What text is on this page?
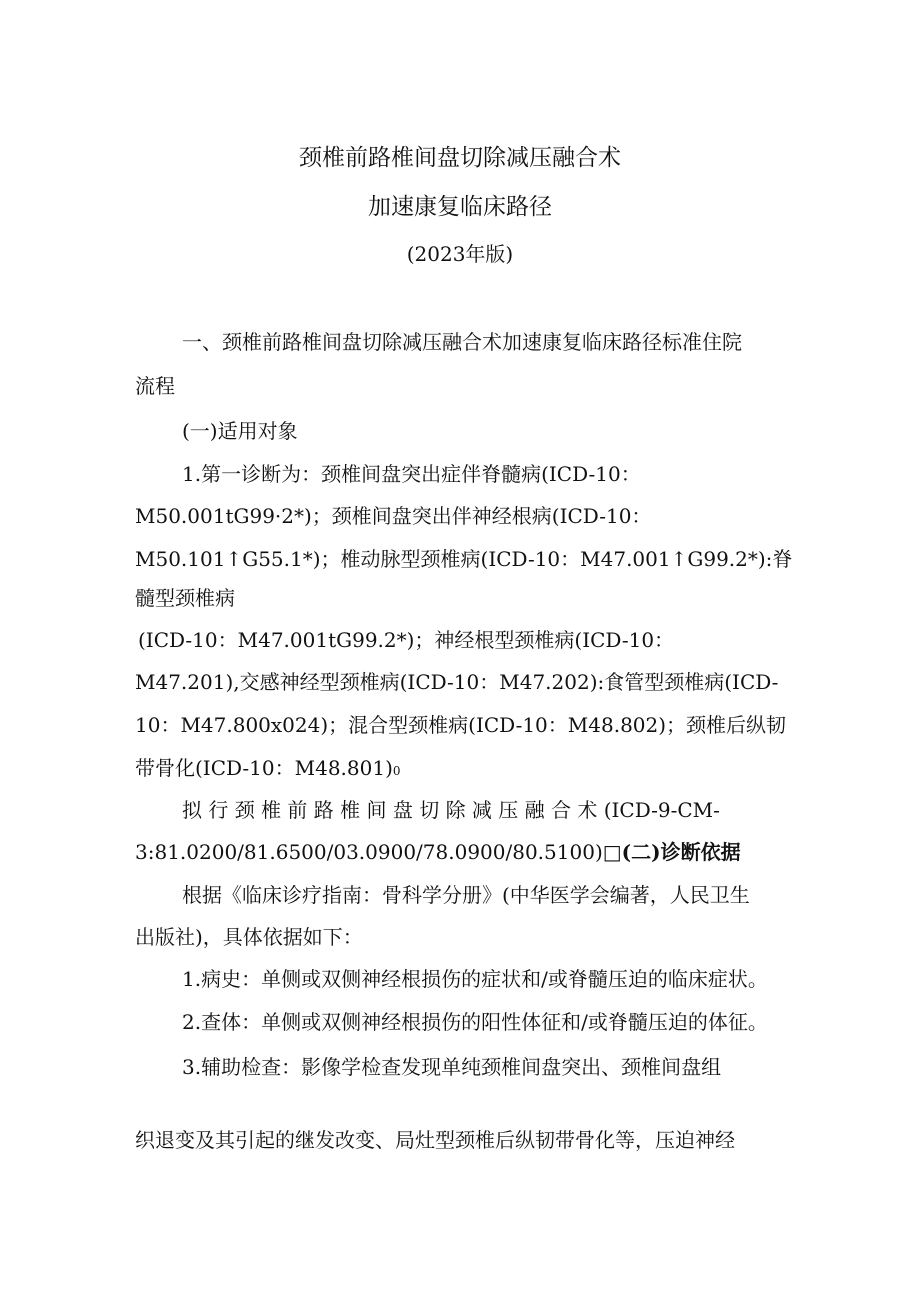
颈椎前路椎间盘切除减压融合术
加速康复临床路径
(2023年版)
一、颈椎前路椎间盘切除减压融合术加速康复临床路径标准住院
流程
(一)适用对象
1.第一诊断为：颈椎间盘突出症伴脊髓病(ICD-10：
M50.001tG99·2*)；颈椎间盘突出伴神经根病(ICD-10：
M50.101↑G55.1*)；椎动脉型颈椎病(ICD-10：M47.001↑G99.2*):脊
髓型颈椎病
(ICD-10：M47.001tG99.2*)；神经根型颈椎病(ICD-10：
M47.201),交感神经型颈椎病(ICD-10：M47.202):食管型颈椎病(ICD-
10：M47.800x024)；混合型颈椎病(ICD-10：M48.802)；颈椎后纵韧
带骨化(ICD-10：M48.801)0
拟 行 颈 椎 前 路 椎 间 盘 切 除 减 压 融 合 术 (ICD-9-CM-
3:81.0200/81.6500/03.0900/78.0900/80.5100)□(二)诊断依据
根据《临床诊疗指南：骨科学分册》(中华医学会编著，人民卫生
出版社)，具体依据如下：
1.病史：单侧或双侧神经根损伤的症状和/或脊髓压迫的临床症状。
2.查体：单侧或双侧神经根损伤的阳性体征和/或脊髓压迫的体征。
3.辅助检查：影像学检查发现单纯颈椎间盘突出、颈椎间盘组
织退变及其引起的继发改变、局灶型颈椎后纵韧带骨化等，压迫神经
